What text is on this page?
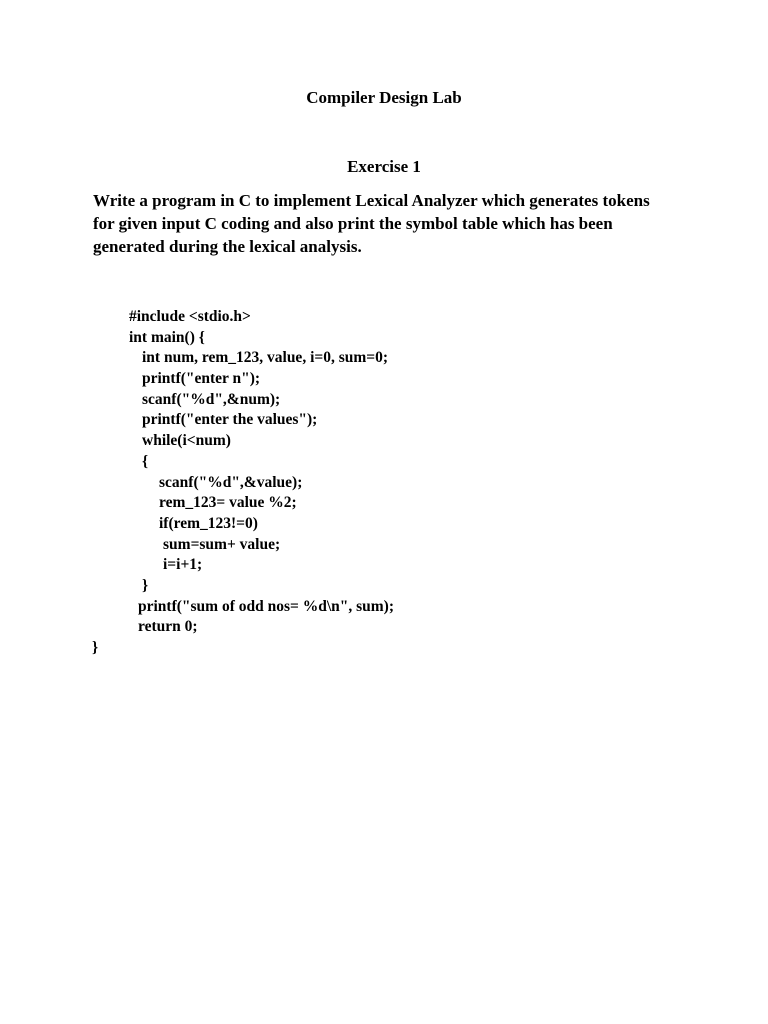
Compiler Design Lab
Exercise 1

Write a program in C to implement Lexical Analyzer which generates tokens for given input C coding and also print the symbol table which has been generated during the lexical analysis.

#include <stdio.h>
int main() {
int num, rem_123, value, i=0, sum=0;
printf("enter n");
scanf("%d",&num);
printf("enter the values");
while(i<num)
{
scanf("%d",&value);
rem_123= value %2;
if(rem_123!=0)
sum=sum+ value;
i=i+1;
}
printf("sum of odd nos= %d\n", sum);
return 0;
}
